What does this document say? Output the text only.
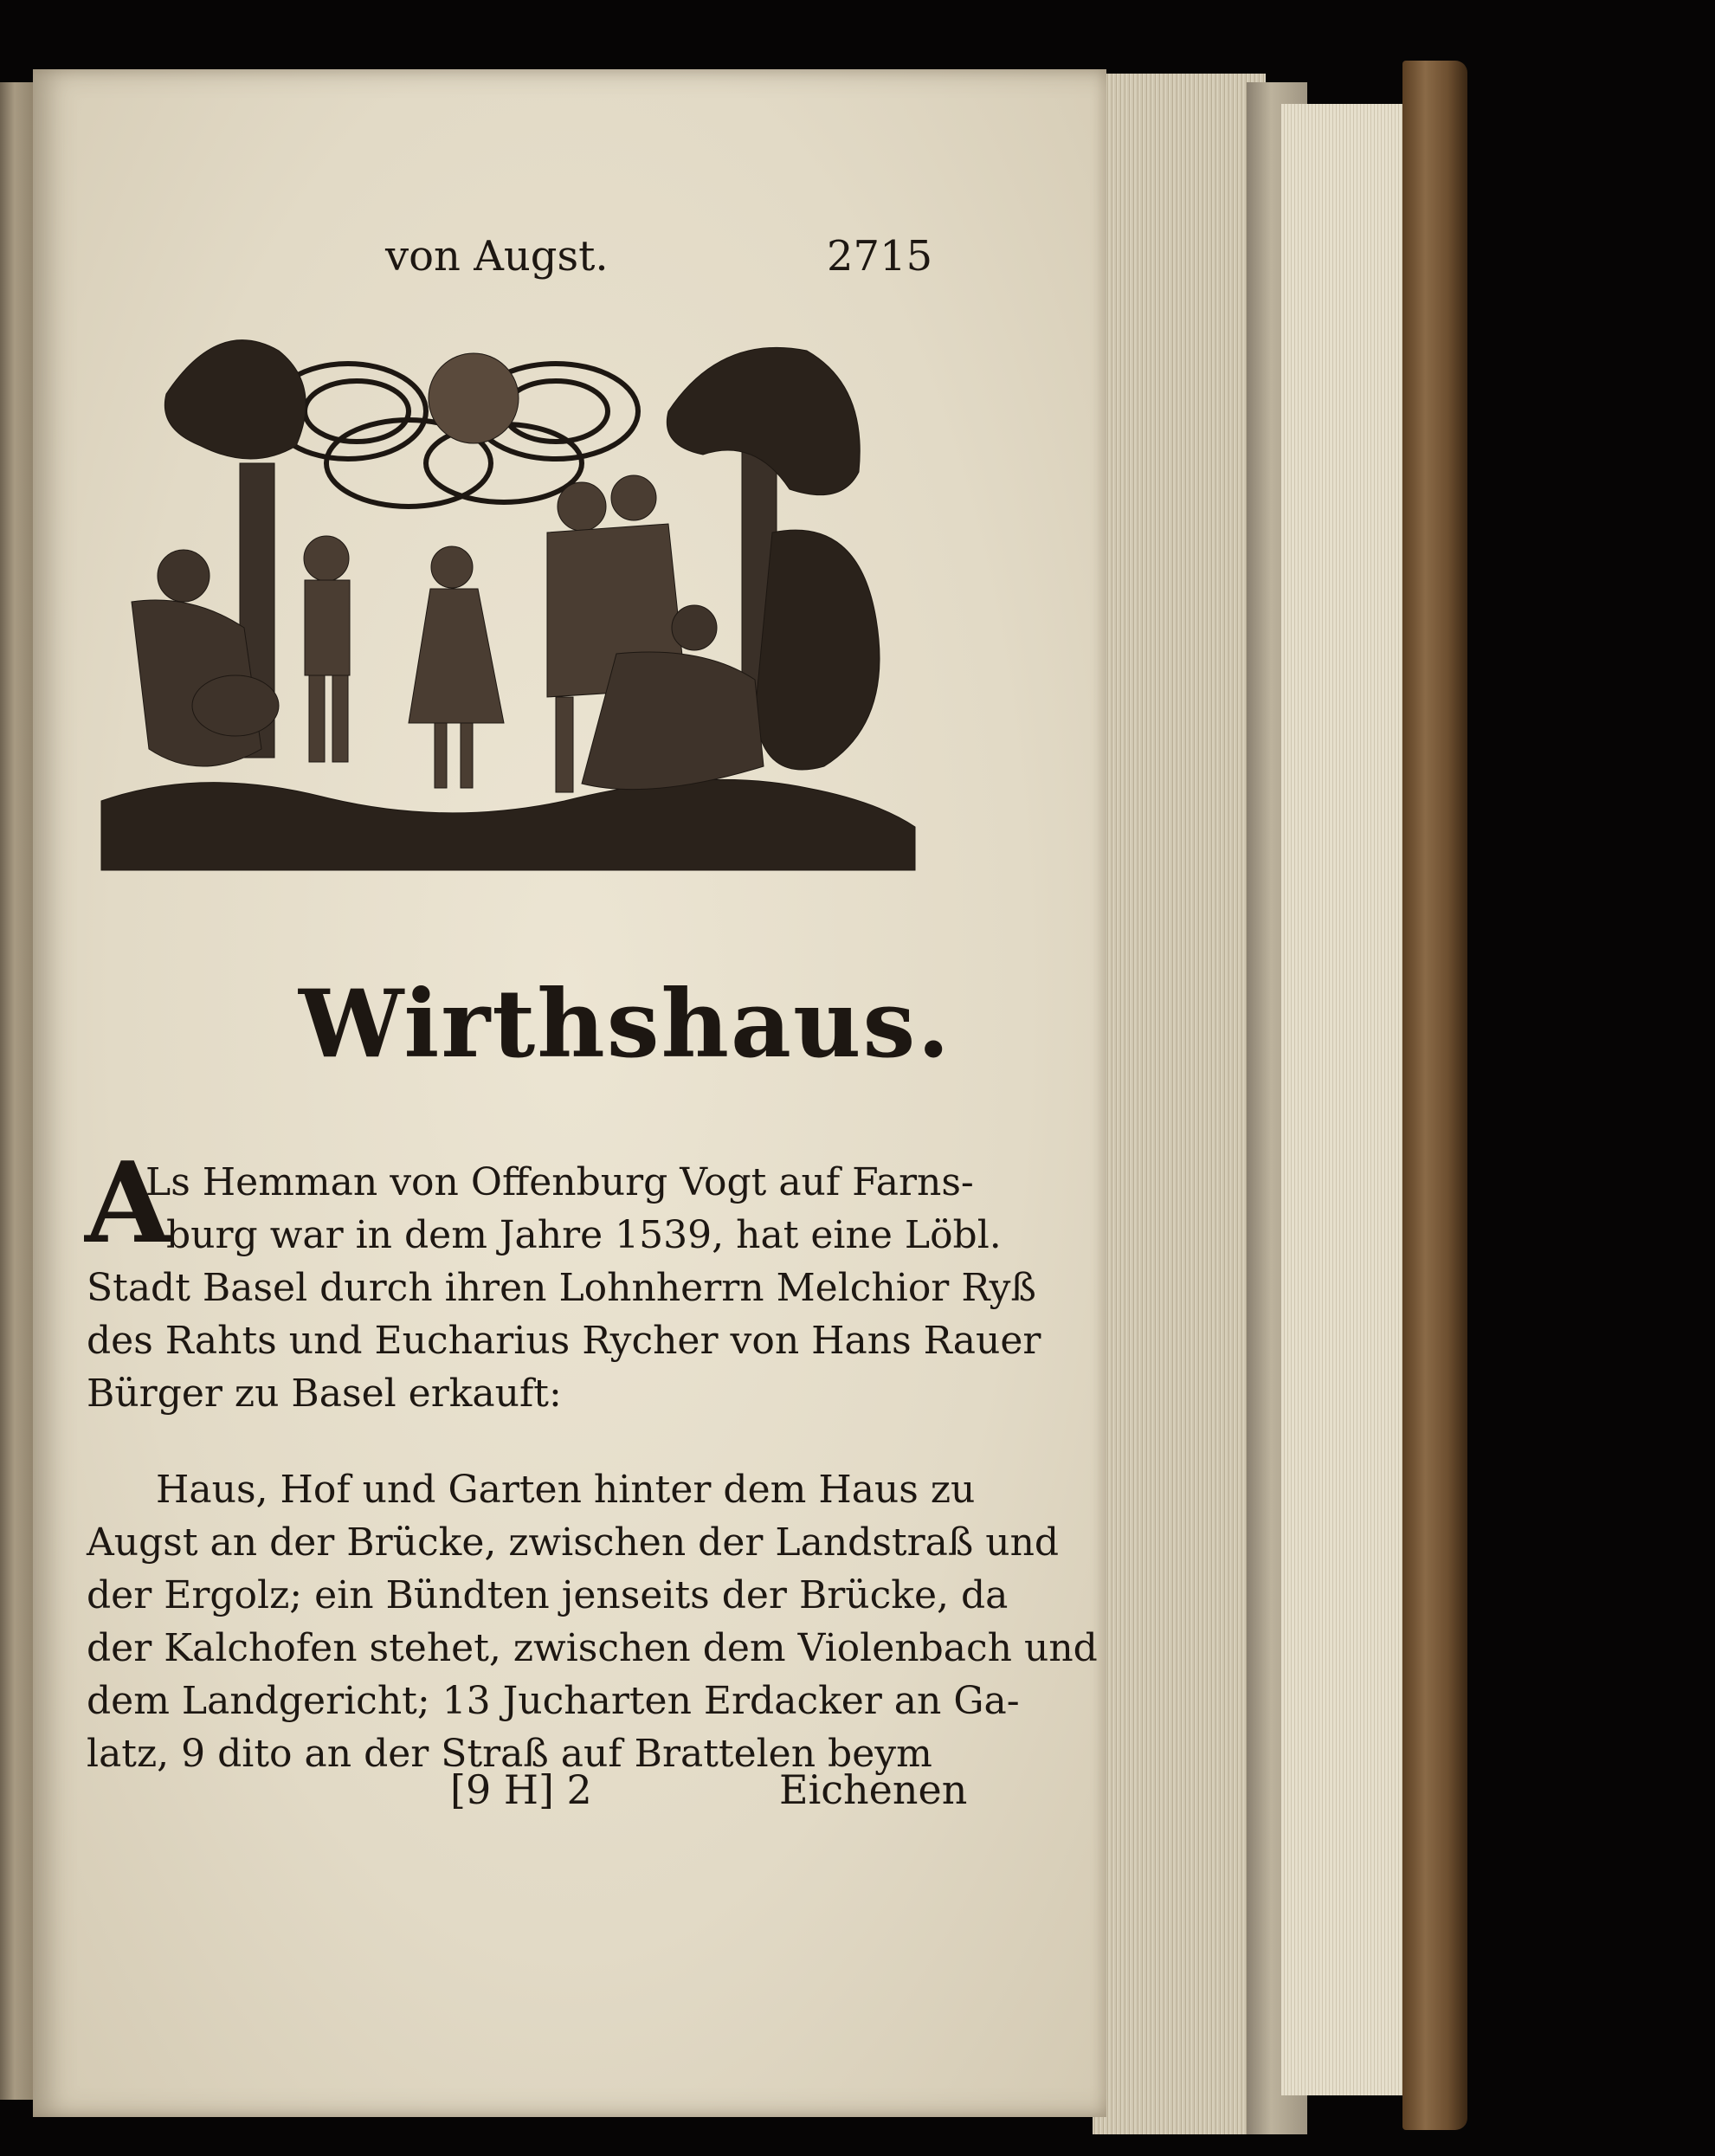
von Augst.	2715
Wirthshaus.
A
Ls Hemman von Offenburg Vogt auf Farns-
burg war in dem Jahre 1539, hat eine Löbl.
Stadt Basel durch ihren Lohnherrn Melchior Ryß
des Rahts und Eucharius Rycher von Hans Rauer
Bürger zu Basel erkauft:
Haus, Hof und Garten hinter dem Haus zu
Augst an der Brücke, zwischen der Landstraß und
der Ergolz; ein Bündten jenseits der Brücke, da
der Kalchofen stehet, zwischen dem Violenbach und
dem Landgericht; 13 Jucharten Erdacker an Ga-
latz, 9 dito an der Straß auf Brattelen beym
[9 H] 2	Eichenen
